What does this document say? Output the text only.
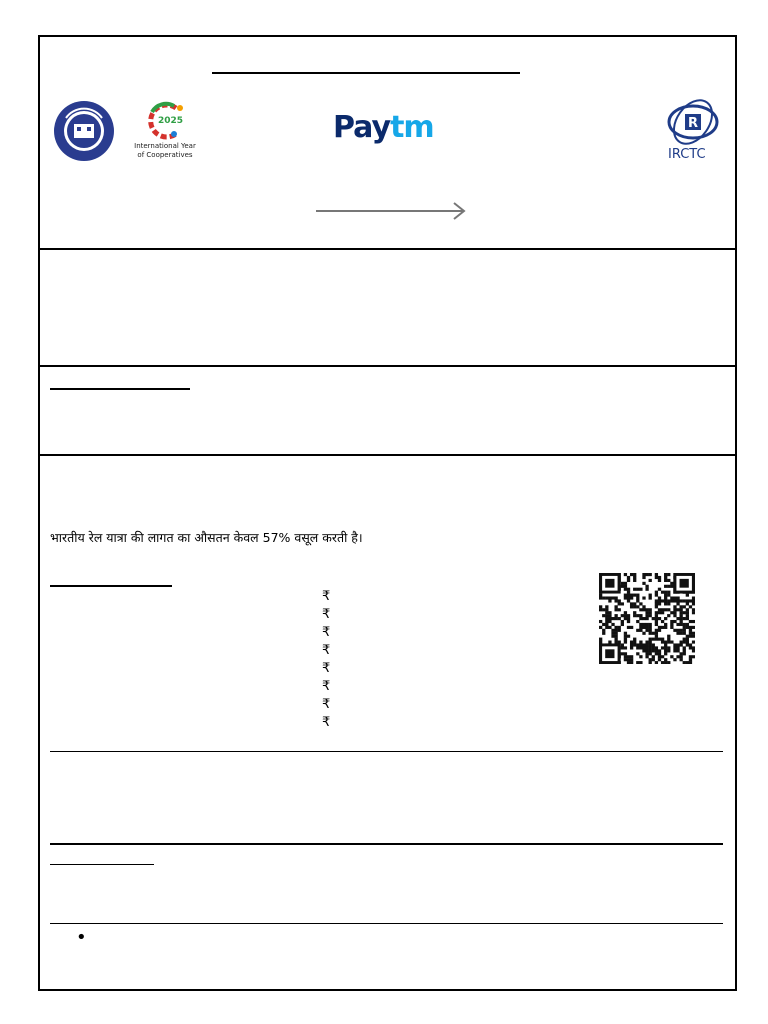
2025
International Year
of Cooperatives
Paytm	R
IRCTC
भारतीय रेल यात्रा की लागत का औसतन केवल 57% वसूल करती है।
₹
₹
₹
₹
₹
₹
₹
₹
•
